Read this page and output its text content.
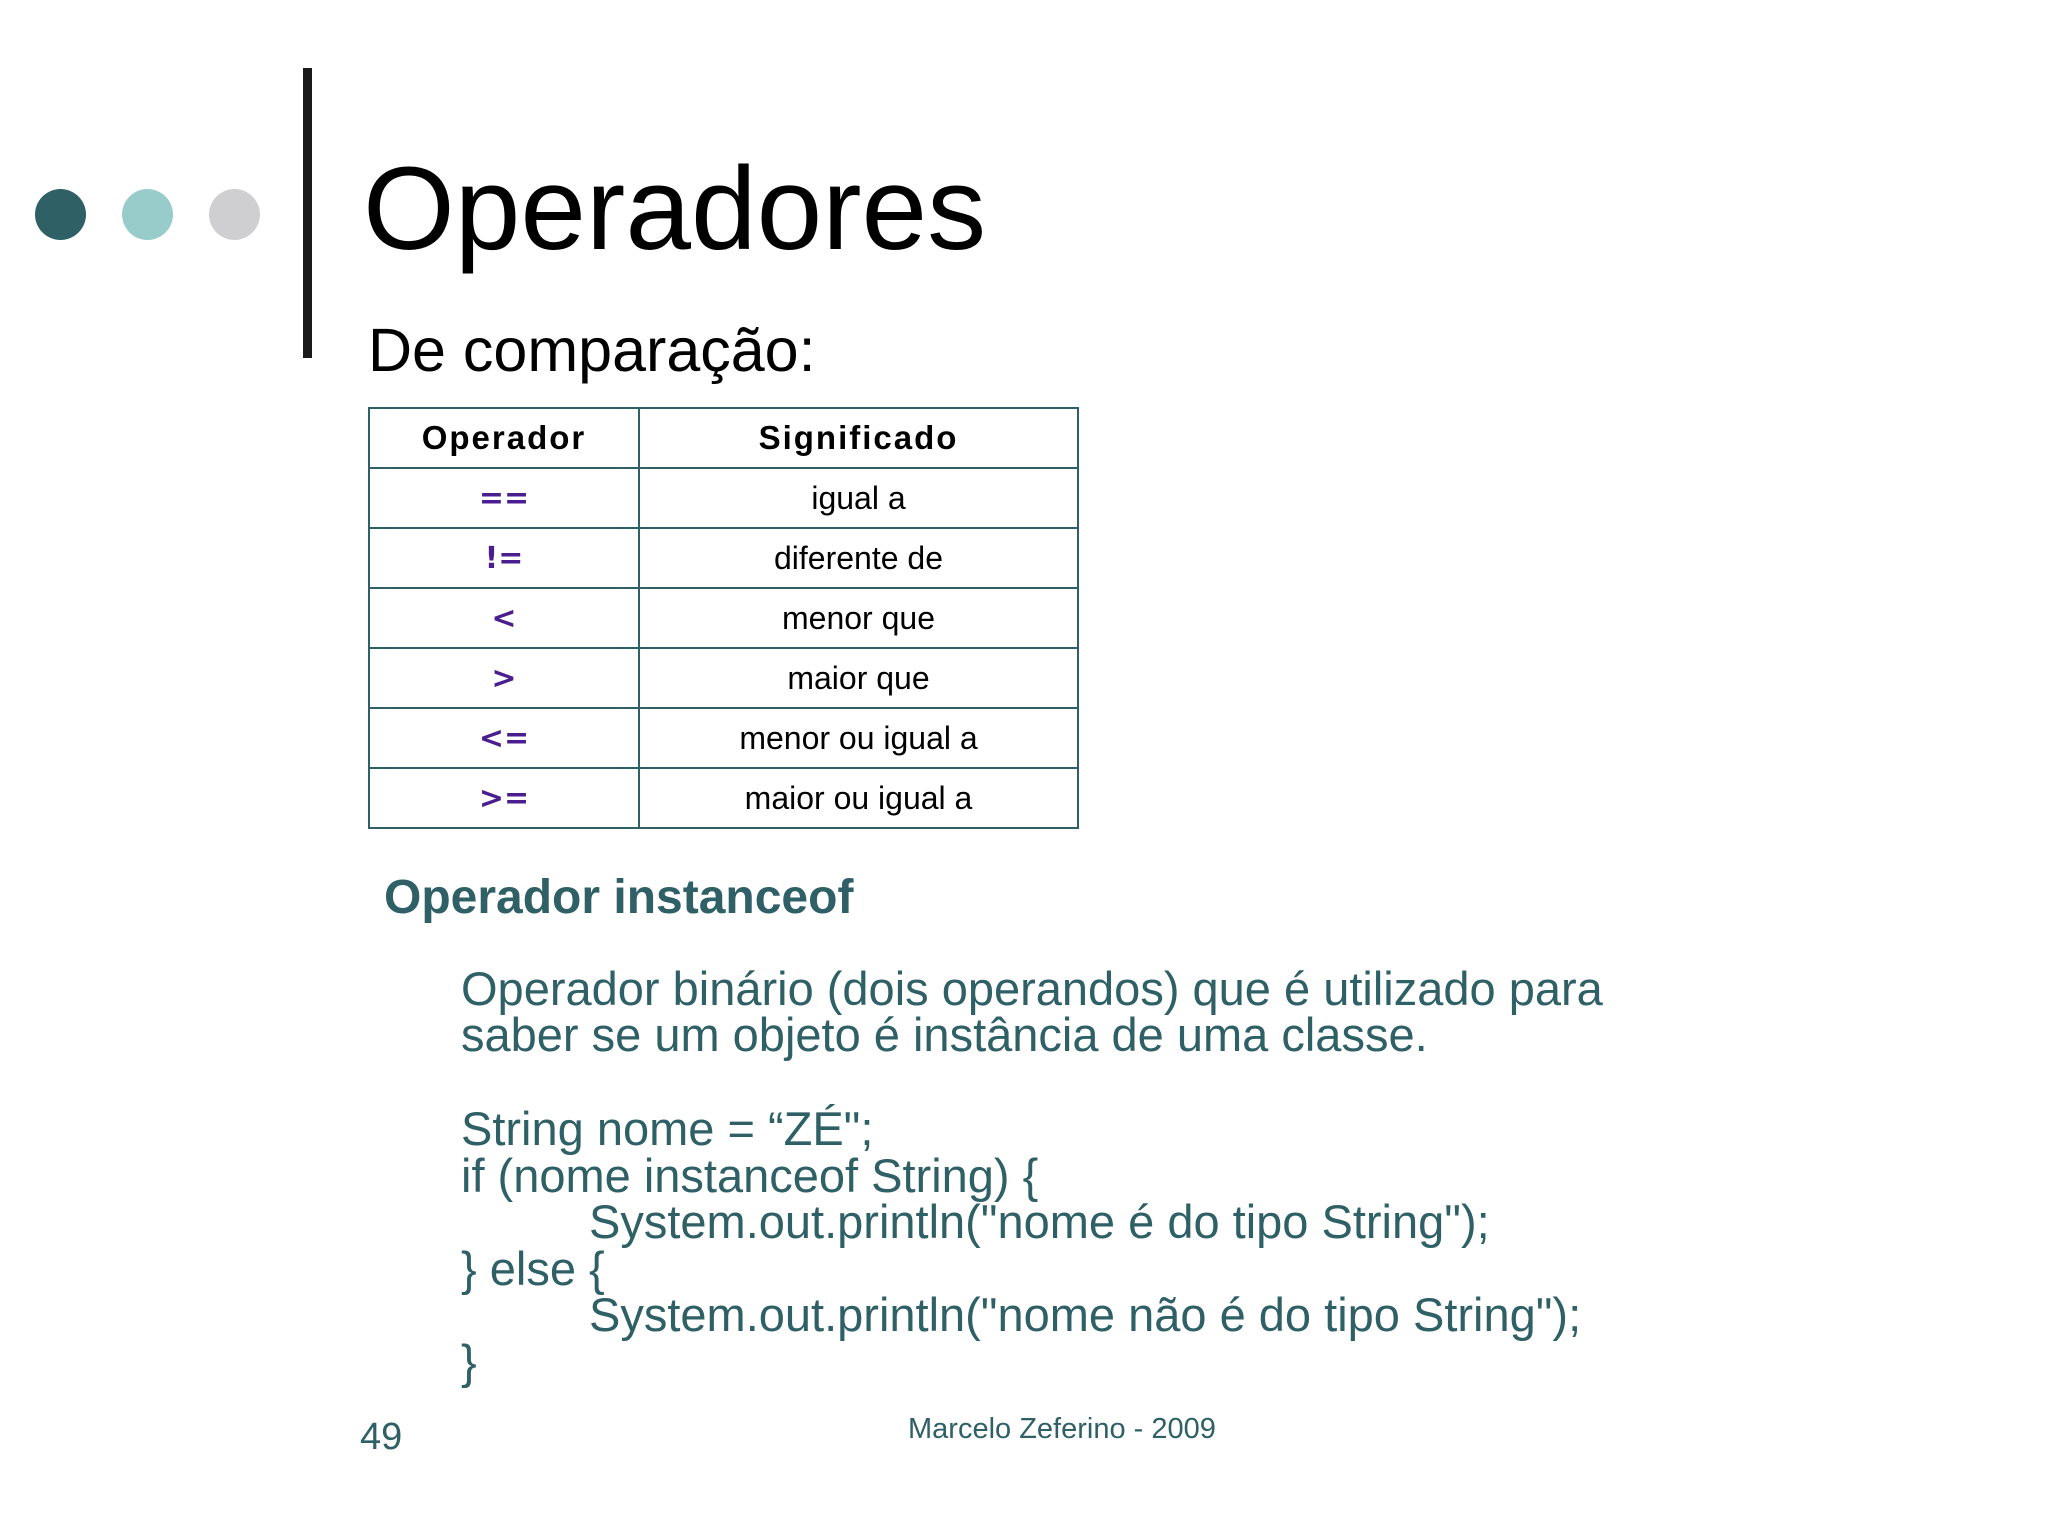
Operadores
De comparação:
Operador	Significado
==	igual a
!=	diferente de
<	menor que
>	maior que
<=	menor ou igual a
>=	maior ou igual a
Operador instanceof
Operador binário (dois operandos) que é utilizado para
saber se um objeto é instância de uma classe.
String nome = “ZÉ";
if (nome instanceof String) {
System.out.println("nome é do tipo String");
} else {
System.out.println("nome não é do tipo String");
}
49	Marcelo Zeferino - 2009
